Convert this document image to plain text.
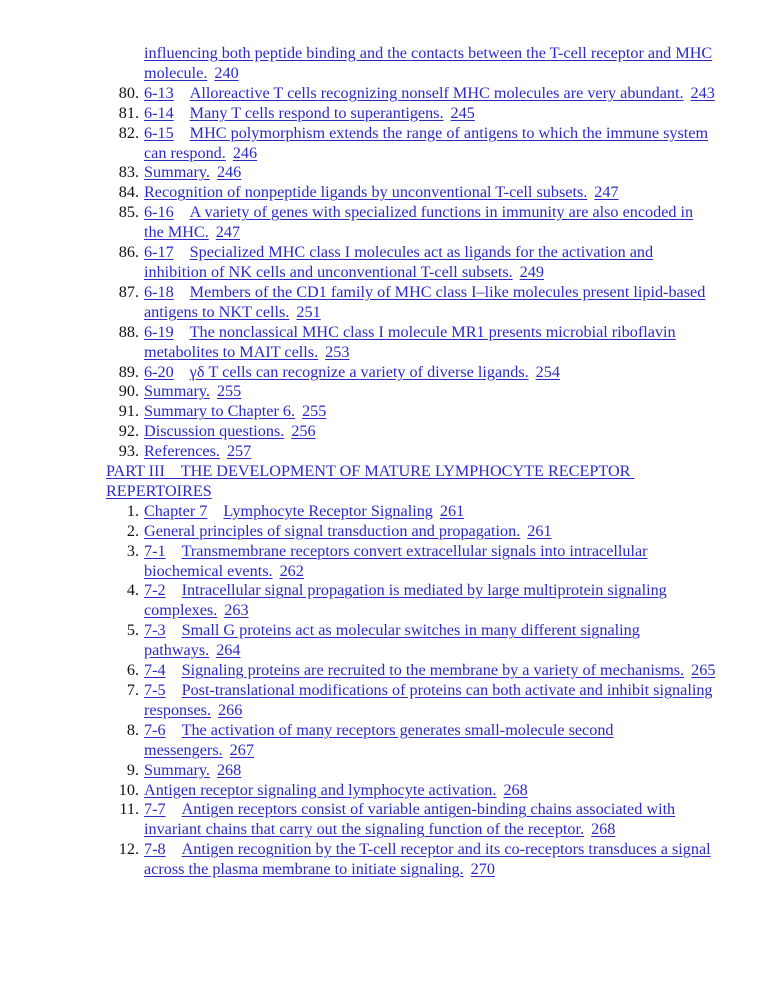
influencing both peptide binding and the contacts between the T-cell receptor and MHC molecule. 240
80. 6-13 Alloreactive T cells recognizing nonself MHC molecules are very abundant. 243
81. 6-14 Many T cells respond to superantigens. 245
82. 6-15 MHC polymorphism extends the range of antigens to which the immune system can respond. 246
83. Summary. 246
84. Recognition of nonpeptide ligands by unconventional T-cell subsets. 247
85. 6-16 A variety of genes with specialized functions in immunity are also encoded in the MHC. 247
86. 6-17 Specialized MHC class I molecules act as ligands for the activation and inhibition of NK cells and unconventional T-cell subsets. 249
87. 6-18 Members of the CD1 family of MHC class I–like molecules present lipid-based antigens to NKT cells. 251
88. 6-19 The nonclassical MHC class I molecule MR1 presents microbial riboflavin metabolites to MAIT cells. 253
89. 6-20 γδ T cells can recognize a variety of diverse ligands. 254
90. Summary. 255
91. Summary to Chapter 6. 255
92. Discussion questions. 256
93. References. 257
PART III    THE DEVELOPMENT OF MATURE LYMPHOCYTE RECEPTOR REPERTOIRES
1. Chapter 7 Lymphocyte Receptor Signaling 261
2. General principles of signal transduction and propagation. 261
3. 7-1 Transmembrane receptors convert extracellular signals into intracellular biochemical events. 262
4. 7-2 Intracellular signal propagation is mediated by large multiprotein signaling complexes. 263
5. 7-3 Small G proteins act as molecular switches in many different signaling pathways. 264
6. 7-4 Signaling proteins are recruited to the membrane by a variety of mechanisms. 265
7. 7-5 Post-translational modifications of proteins can both activate and inhibit signaling responses. 266
8. 7-6 The activation of many receptors generates small-molecule second messengers. 267
9. Summary. 268
10. Antigen receptor signaling and lymphocyte activation. 268
11. 7-7 Antigen receptors consist of variable antigen-binding chains associated with invariant chains that carry out the signaling function of the receptor. 268
12. 7-8 Antigen recognition by the T-cell receptor and its co-receptors transduces a signal across the plasma membrane to initiate signaling. 270
